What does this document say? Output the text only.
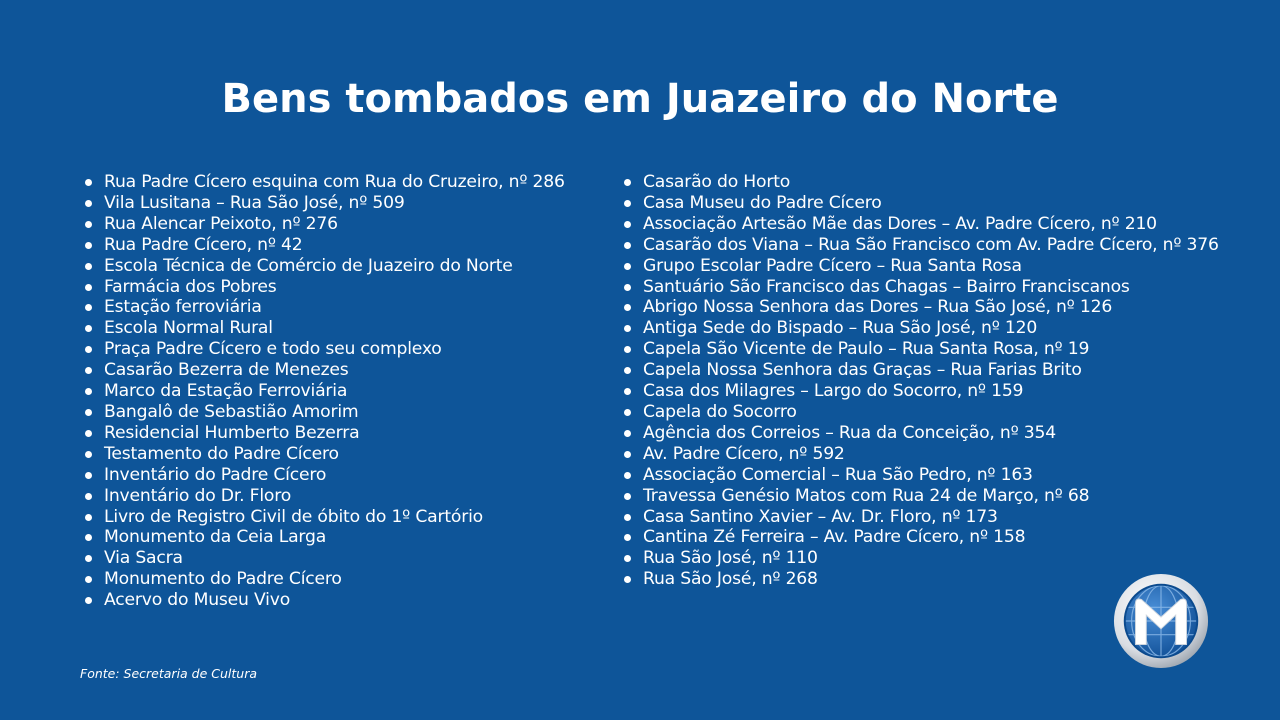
Bens tombados em Juazeiro do Norte
Rua Padre Cícero esquina com Rua do Cruzeiro, nº 286
Vila Lusitana – Rua São José, nº 509
Rua Alencar Peixoto, nº 276
Rua Padre Cícero, nº 42
Escola Técnica de Comércio de Juazeiro do Norte
Farmácia dos Pobres
Estação ferroviária
Escola Normal Rural
Praça Padre Cícero e todo seu complexo
Casarão Bezerra de Menezes
Marco da Estação Ferroviária
Bangalô de Sebastião Amorim
Residencial Humberto Bezerra
Testamento do Padre Cícero
Inventário do Padre Cícero
Inventário do Dr. Floro
Livro de Registro Civil de óbito do 1º Cartório
Monumento da Ceia Larga
Via Sacra
Monumento do Padre Cícero
Acervo do Museu Vivo
Casarão do Horto
Casa Museu do Padre Cícero
Associação Artesão Mãe das Dores – Av. Padre Cícero, nº 210
Casarão dos Viana – Rua São Francisco com Av. Padre Cícero, nº 376
Grupo Escolar Padre Cícero – Rua Santa Rosa
Santuário São Francisco das Chagas – Bairro Franciscanos
Abrigo Nossa Senhora das Dores – Rua São José, nº 126
Antiga Sede do Bispado – Rua São José, nº 120
Capela São Vicente de Paulo – Rua Santa Rosa, nº 19
Capela Nossa Senhora das Graças – Rua Farias Brito
Casa dos Milagres – Largo do Socorro, nº 159
Capela do Socorro
Agência dos Correios – Rua da Conceição, nº 354
Av. Padre Cícero, nº 592
Associação Comercial – Rua São Pedro, nº 163
Travessa Genésio Matos com Rua 24 de Março, nº 68
Casa Santino Xavier – Av. Dr. Floro, nº 173
Cantina Zé Ferreira – Av. Padre Cícero, nº 158
Rua São José, nº 110
Rua São José, nº 268
Fonte: Secretaria de Cultura
